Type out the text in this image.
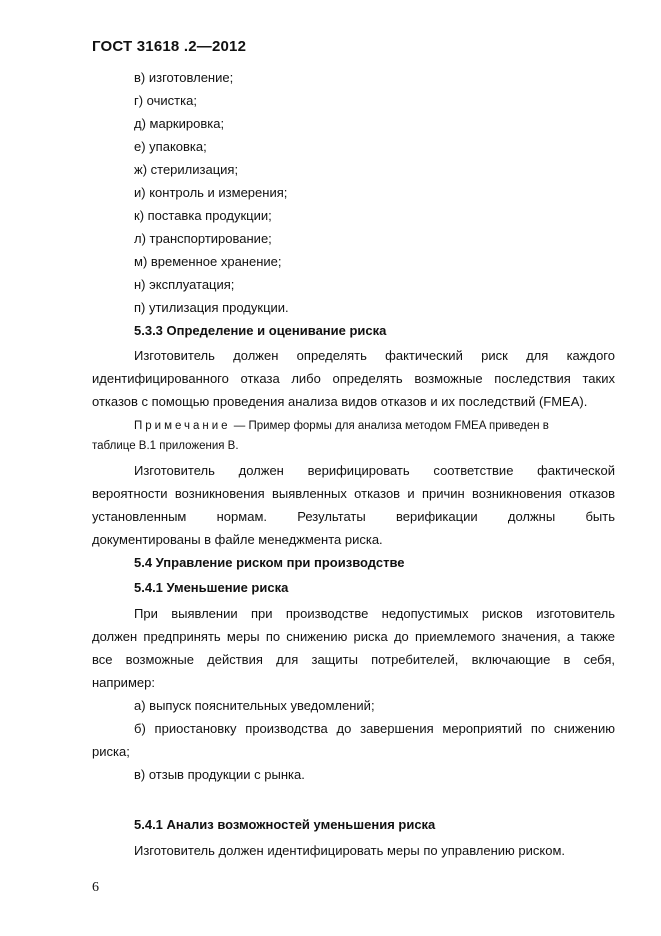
ГОСТ 31618 .2—2012
в) изготовление;
г) очистка;
д) маркировка;
е) упаковка;
ж) стерилизация;
и) контроль и измерения;
к) поставка продукции;
л) транспортирование;
м) временное хранение;
н) эксплуатация;
п) утилизация продукции.
5.3.3 Определение и оценивание риска
Изготовитель должен определять фактический риск для каждого
идентифицированного отказа либо определять возможные последствия таких
отказов с помощью проведения анализа видов отказов и их последствий (FMEA).
Примечание — Пример формы для анализа методом FMEA приведен в
таблице В.1 приложения В.
Изготовитель должен верифицировать соответствие фактической
вероятности возникновения выявленных отказов и причин возникновения отказов
установленным нормам. Результаты верификации должны быть
документированы в файле менеджмента риска.
5.4 Управление риском при производстве
5.4.1 Уменьшение риска
При выявлении при производстве недопустимых рисков изготовитель
должен предпринять меры по снижению риска до приемлемого значения, а также
все возможные действия для защиты потребителей, включающие в себя,
например:
а) выпуск пояснительных уведомлений;
б) приостановку производства до завершения мероприятий по снижению
риска;
в) отзыв продукции с рынка.
5.4.1 Анализ возможностей уменьшения риска
Изготовитель должен идентифицировать меры по управлению риском.
6
